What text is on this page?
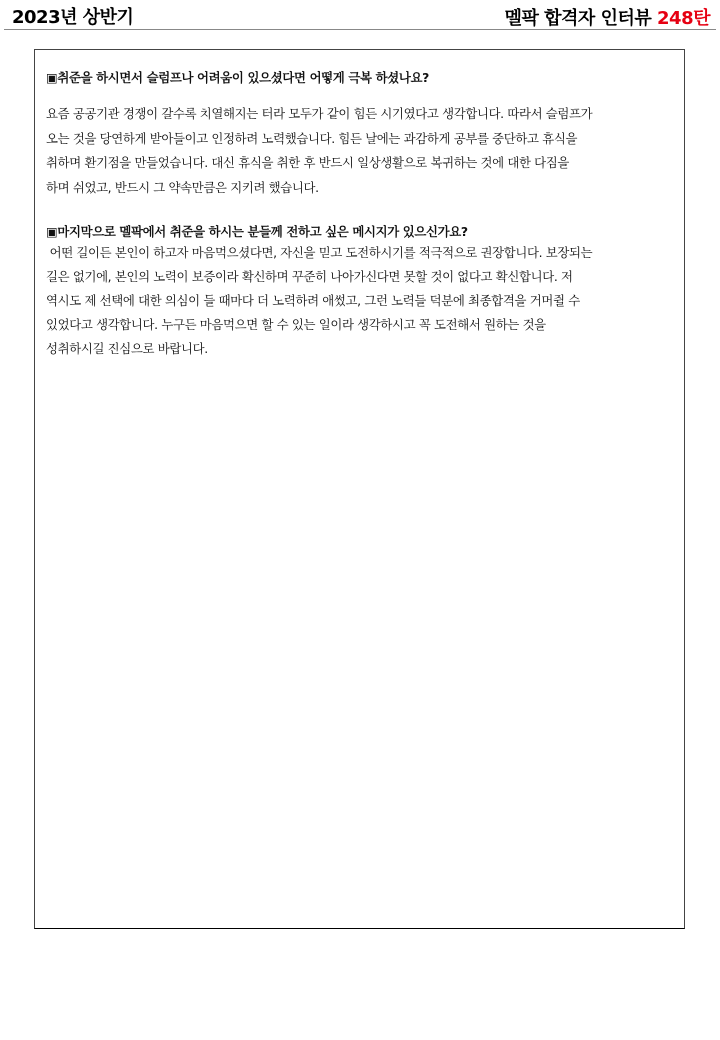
2023년 상반기	멜팍 합격자 인터뷰 248탄

▣취준을 하시면서 슬럼프나 어려움이 있으셨다면 어떻게 극복 하셨나요?

요즘 공공기관 경쟁이 갈수록 치열해지는 터라 모두가 같이 힘든 시기였다고 생각합니다. 따라서 슬럼프가
오는 것을 당연하게 받아들이고 인정하려 노력했습니다. 힘든 날에는 과감하게 공부를 중단하고 휴식을
취하며 환기점을 만들었습니다. 대신 휴식을 취한 후 반드시 일상생활으로 복귀하는 것에 대한 다짐을
하며 쉬었고, 반드시 그 약속만큼은 지키려 했습니다.

▣마지막으로 멜팍에서 취준을 하시는 분들께 전하고 싶은 메시지가 있으신가요?

어떤 길이든 본인이 하고자 마음먹으셨다면, 자신을 믿고 도전하시기를 적극적으로 권장합니다. 보장되는
길은 없기에, 본인의 노력이 보증이라 확신하며 꾸준히 나아가신다면 못할 것이 없다고 확신합니다. 저
역시도 제 선택에 대한 의심이 들 때마다 더 노력하려 애썼고, 그런 노력들 덕분에 최종합격을 거머쥘 수
있었다고 생각합니다. 누구든 마음먹으면 할 수 있는 일이라 생각하시고 꼭 도전해서 원하는 것을
성취하시길 진심으로 바랍니다.
